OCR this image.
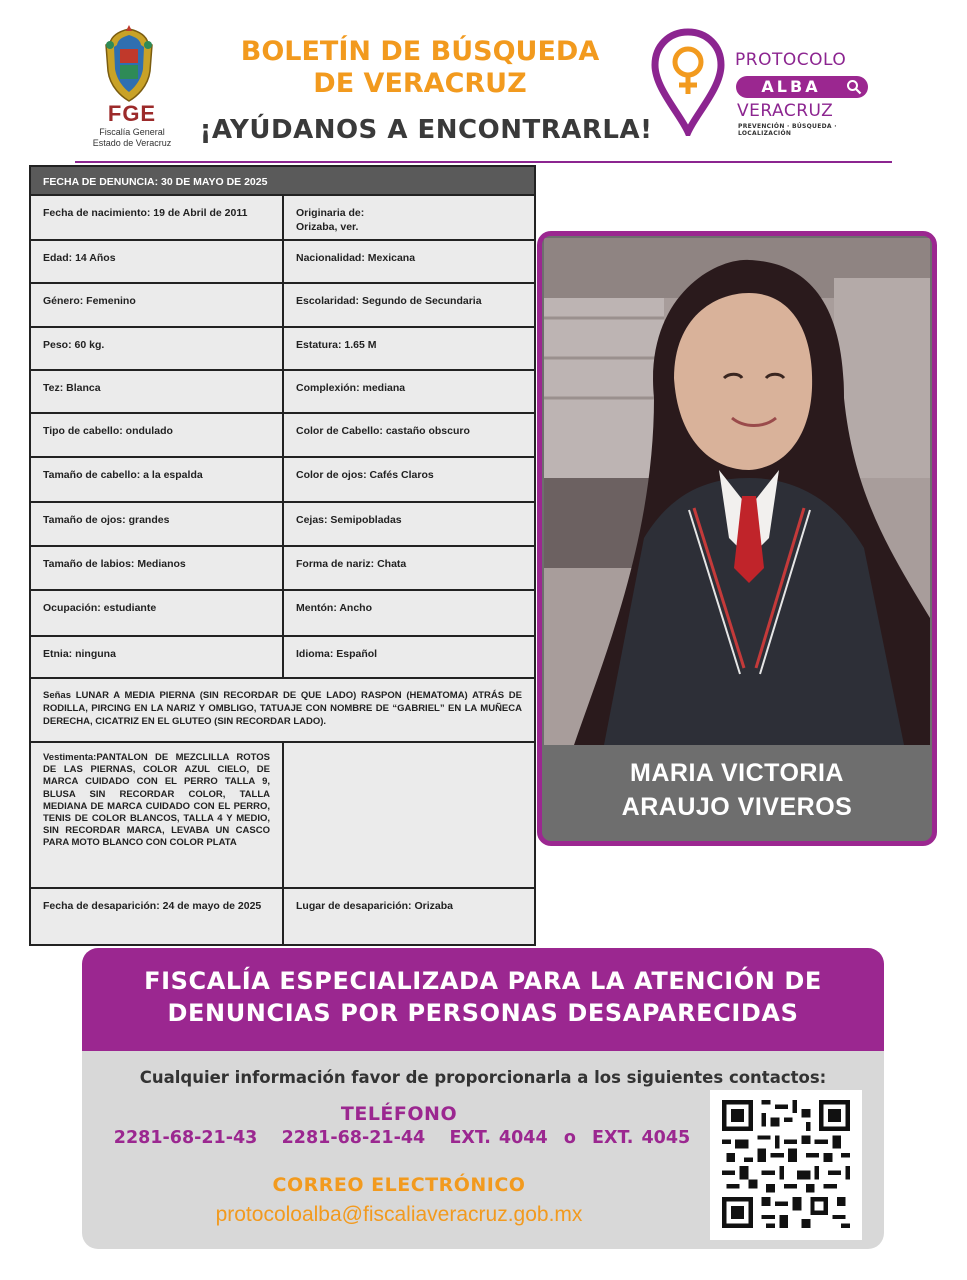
FGE
Fiscalía General
Estado de Veracruz
BOLETÍN DE BÚSQUEDA
DE VERACRUZ
¡AYÚDANOS A ENCONTRARLA!
PROTOCOLO
ALBA
VERACRUZ
PREVENCIÓN · BÚSQUEDA · LOCALIZACIÓN
FECHA DE DENUNCIA: 30 DE MAYO DE 2025
Fecha de nacimiento: 19 de Abril de 2011	Originaria de:
Orizaba, ver.
Edad: 14 Años	Nacionalidad: Mexicana
Género: Femenino	Escolaridad: Segundo de Secundaria
Peso: 60 kg.	Estatura: 1.65 M
Tez: Blanca	Complexión: mediana
Tipo de cabello: ondulado	Color de Cabello: castaño obscuro
Tamaño de cabello: a la espalda	Color de ojos: Cafés Claros
Tamaño de ojos: grandes	Cejas: Semipobladas
Tamaño de labios: Medianos	Forma de nariz: Chata
Ocupación: estudiante	Mentón: Ancho
Etnia: ninguna	Idioma: Español
Señas LUNAR A MEDIA PIERNA (SIN RECORDAR DE QUE LADO) RASPON (HEMATOMA) ATRÁS DE RODILLA, PIRCING EN LA NARIZ Y OMBLIGO, TATUAJE CON NOMBRE DE “GABRIEL” EN LA MUÑECA DERECHA, CICATRIZ EN EL GLUTEO (SIN RECORDAR LADO).
Vestimenta:PANTALON DE MEZCLILLA ROTOS DE LAS PIERNAS, COLOR AZUL CIELO, DE MARCA CUIDADO CON EL PERRO TALLA 9, BLUSA SIN RECORDAR COLOR, TALLA MEDIANA DE MARCA CUIDADO CON EL PERRO, TENIS DE COLOR BLANCOS, TALLA 4 Y MEDIO, SIN RECORDAR MARCA, LEVABA UN CASCO PARA MOTO BLANCO CON COLOR PLATA
Fecha de desaparición: 24 de mayo de 2025	Lugar de desaparición: Orizaba
MARIA VICTORIA
ARAUJO VIVEROS
FISCALÍA ESPECIALIZADA PARA LA ATENCIÓN DE
DENUNCIAS POR PERSONAS DESAPARECIDAS
Cualquier información favor de proporcionarla a los siguientes contactos:
TELÉFONO
2281-68-21-43   2281-68-21-44   EXT. 4044  o  EXT. 4045
CORREO ELECTRÓNICO
protocoloalba@fiscaliaveracruz.gob.mx
